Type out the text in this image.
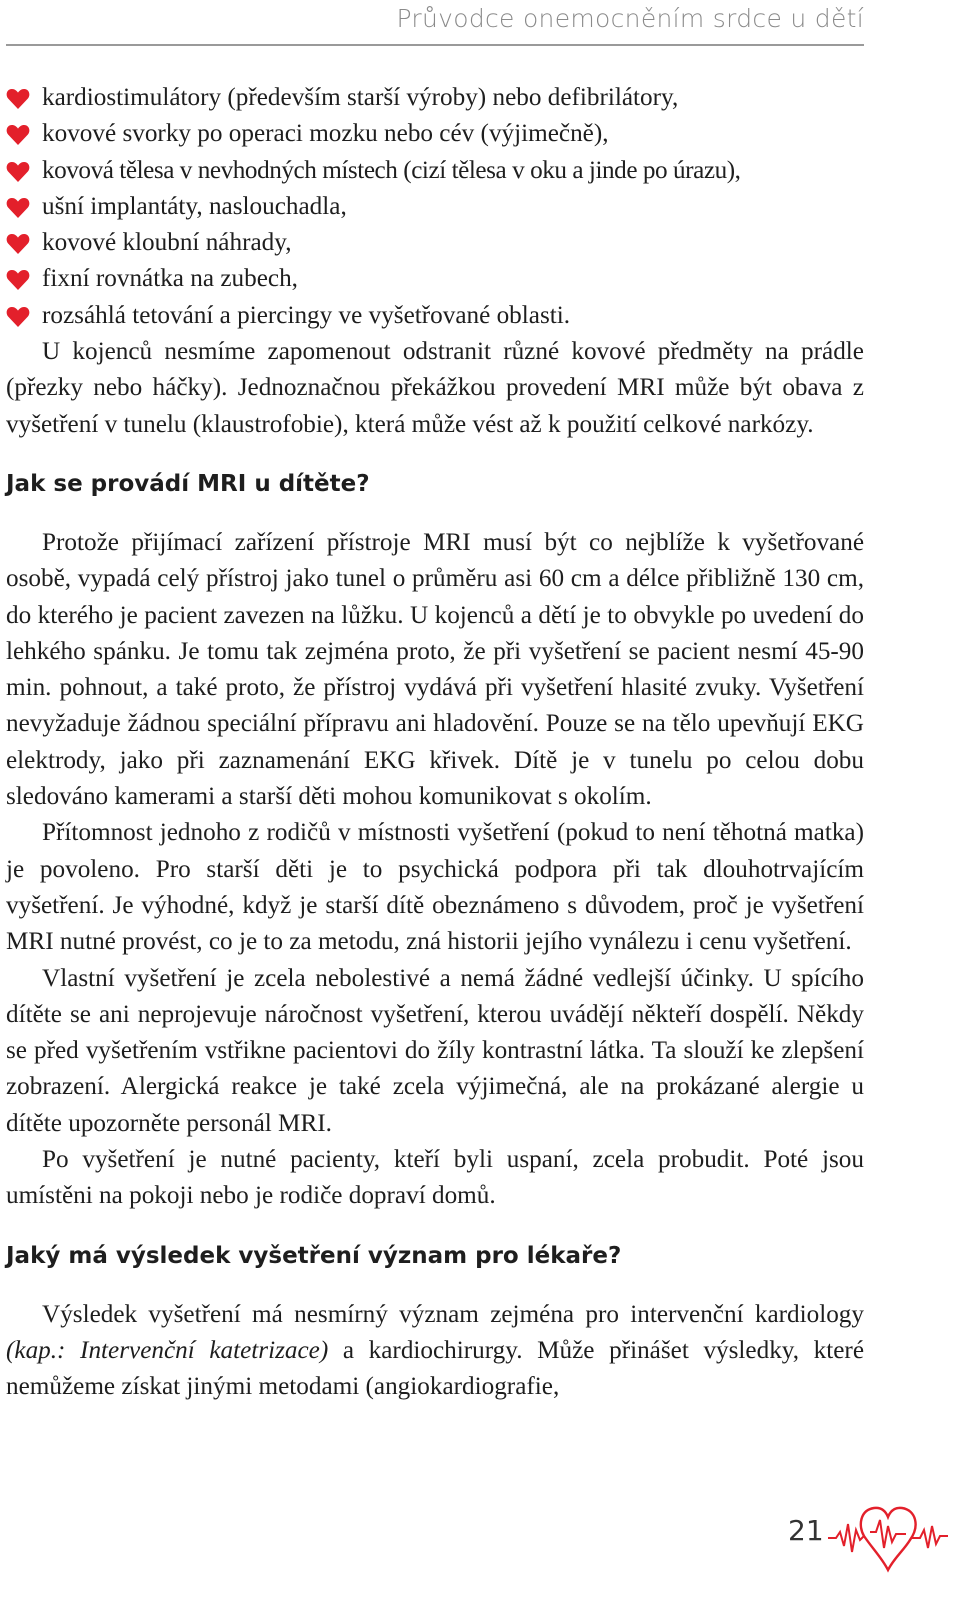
Průvodce onemocněním srdce u dětí
kardiostimulátory (především starší výroby) nebo defibrilátory,
kovové svorky po operaci mozku nebo cév (výjimečně),
kovová tělesa v nevhodných místech (cizí tělesa v oku a jinde po úrazu),
ušní implantáty, naslouchadla,
kovové kloubní náhrady,
fixní rovnátka na zubech,
rozsáhlá tetování a piercingy ve vyšetřované oblasti.

U kojenců nesmíme zapomenout odstranit různé kovové předměty na prádle (přezky nebo háčky). Jednoznačnou překážkou provedení MRI může být obava z vyšetření v tunelu (klaustrofobie), která může vést až k použití celkové narkózy.

Jak se provádí MRI u dítěte?

Protože přijímací zařízení přístroje MRI musí být co nejblíže k vyšetřované osobě, vypadá celý přístroj jako tunel o průměru asi 60 cm a délce přibližně 130 cm, do kterého je pacient zavezen na lůžku. U kojenců a dětí je to obvykle po uvedení do lehkého spánku. Je tomu tak zejména proto, že při vyšetření se pacient nesmí 45-90 min. pohnout, a také proto, že přístroj vydává při vyšetření hlasité zvuky. Vyšetření nevyžaduje žádnou speciální přípravu ani hladovění. Pouze se na tělo upevňují EKG elektrody, jako při zaznamenání EKG křivek. Dítě je v tunelu po celou dobu sledováno kamerami a starší děti mohou komunikovat s okolím.

Přítomnost jednoho z rodičů v místnosti vyšetření (pokud to není těhotná matka) je povoleno. Pro starší děti je to psychická podpora při tak dlouhotrvajícím vyšetření. Je výhodné, když je starší dítě obeznámeno s důvodem, proč je vyšetření MRI nutné provést, co je to za metodu, zná historii jejího vynálezu i cenu vyšetření.

Vlastní vyšetření je zcela nebolestivé a nemá žádné vedlejší účinky. U spícího dítěte se ani neprojevuje náročnost vyšetření, kterou uvádějí někteří dospělí. Někdy se před vyšetřením vstřikne pacientovi do žíly kontrastní látka. Ta slouží ke zlepšení zobrazení. Alergická reakce je také zcela výjimečná, ale na prokázané alergie u dítěte upozorněte personál MRI.

Po vyšetření je nutné pacienty, kteří byli uspaní, zcela probudit. Poté jsou umístěni na pokoji nebo je rodiče dopraví domů.

Jaký má výsledek vyšetření význam pro lékaře?

Výsledek vyšetření má nesmírný význam zejména pro intervenční kardiology (kap.: Intervenční katetrizace) a kardiochirurgy. Může přinášet výsledky, které nemůžeme získat jinými metodami (angiokardiografie,

21
